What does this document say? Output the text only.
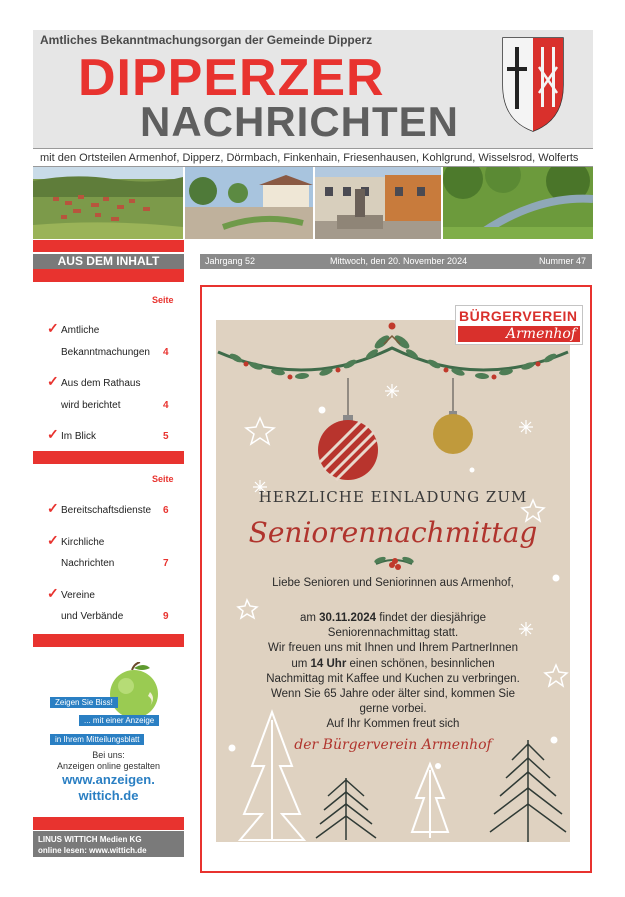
Amtliches Bekanntmachungsorgan der Gemeinde Dipperz
DIPPERZER
NACHRICHTEN
mit den Ortsteilen Armenhof, Dipperz, Dörmbach, Finkenhain, Friesenhausen, Kohlgrund, Wisselsrod, Wolferts
AUS DEM INHALT
Seite
✓ Amtliche
Bekanntmachungen 4
✓ Aus dem Rathaus
wird berichtet	4
✓ Im Blick	5
Seite
✓ Bereitschaftsdienste 6
✓ Kirchliche
Nachrichten	7
✓ Vereine
und Verbände	9
Zeigen Sie Biss!
... mit einer Anzeige
in Ihrem Mitteilungsblatt
Bei uns:
Anzeigen online gestalten
www.anzeigen.
wittich.de
LINUS WITTICH Medien KG
online lesen: www.wittich.de
Jahrgang 52	Mittwoch, den 20. November 2024	Nummer 47
BÜRGERVEREIN
Armenhof
HERZLICHE EINLADUNG ZUM
Seniorennachmittag
Liebe Senioren und Seniorinnen aus Armenhof,
am 30.11.2024 findet der diesjährige
Seniorennachmittag statt.
Wir freuen uns mit Ihnen und Ihrem PartnerInnen
um 14 Uhr einen schönen, besinnlichen
Nachmittag mit Kaffee und Kuchen zu verbringen.
Wenn Sie 65 Jahre oder älter sind, kommen Sie
gerne vorbei.
Auf Ihr Kommen freut sich
der Bürgerverein Armenhof
